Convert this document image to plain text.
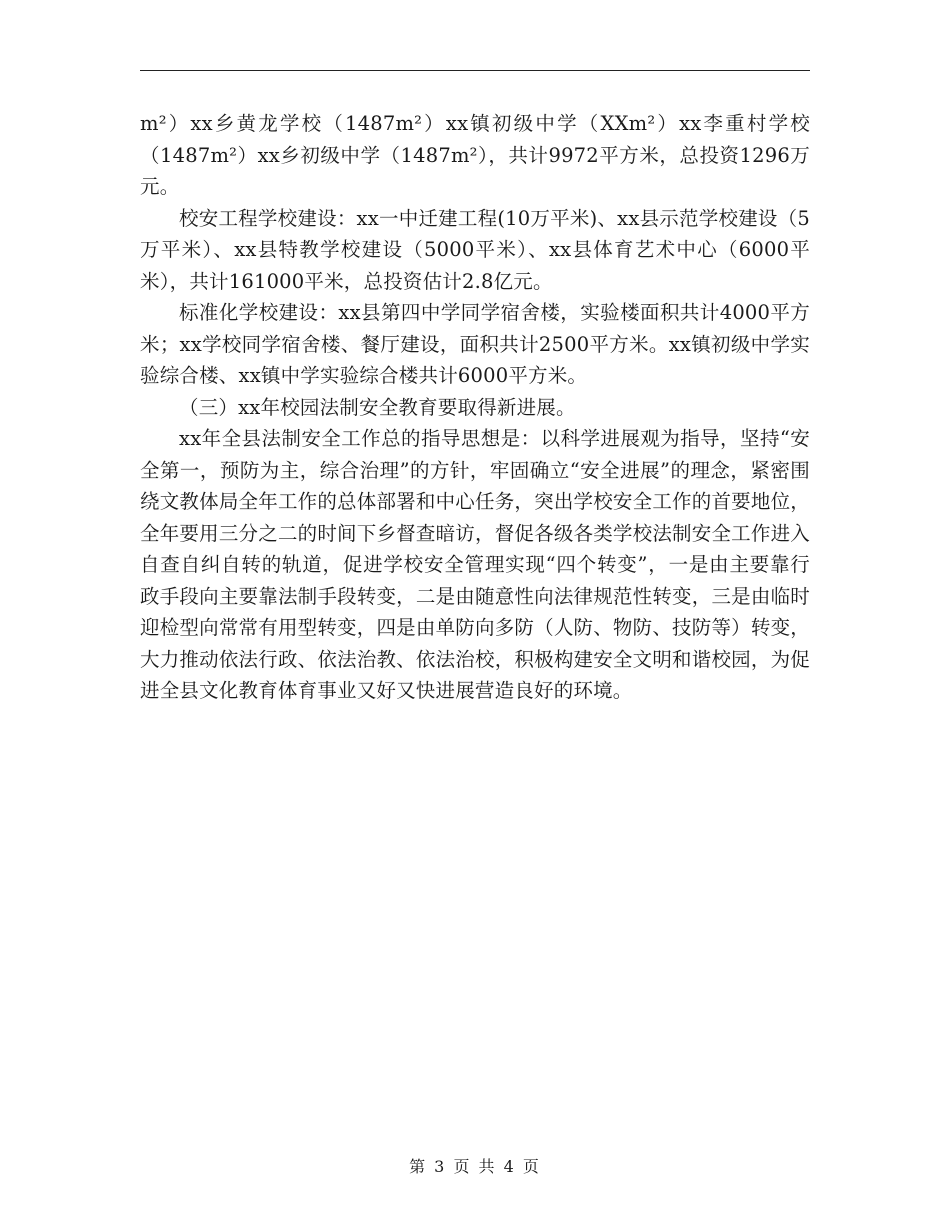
m²）xx乡黄龙学校（1487m²）xx镇初级中学（XXm²）xx李重村学校（1487m²）xx乡初级中学（1487m²），共计9972平方米，总投资1296万元。

校安工程学校建设：xx一中迁建工程(10万平米)、xx县示范学校建设（5万平米）、xx县特教学校建设（5000平米）、xx县体育艺术中心（6000平米），共计161000平米，总投资估计2.8亿元。

标准化学校建设：xx县第四中学同学宿舍楼，实验楼面积共计4000平方米；xx学校同学宿舍楼、餐厅建设，面积共计2500平方米。xx镇初级中学实验综合楼、xx镇中学实验综合楼共计6000平方米。

（三）xx年校园法制安全教育要取得新进展。

xx年全县法制安全工作总的指导思想是：以科学进展观为指导，坚持“安全第一，预防为主，综合治理”的方针，牢固确立“安全进展”的理念，紧密围绕文教体局全年工作的总体部署和中心任务，突出学校安全工作的首要地位，全年要用三分之二的时间下乡督查暗访，督促各级各类学校法制安全工作进入自查自纠自转的轨道，促进学校安全管理实现“四个转变”，一是由主要靠行政手段向主要靠法制手段转变，二是由随意性向法律规范性转变，三是由临时迎检型向常常有用型转变，四是由单防向多防（人防、物防、技防等）转变，大力推动依法行政、依法治教、依法治校，积极构建安全文明和谐校园，为促进全县文化教育体育事业又好又快进展营造良好的环境。

第 3 页 共 4 页
